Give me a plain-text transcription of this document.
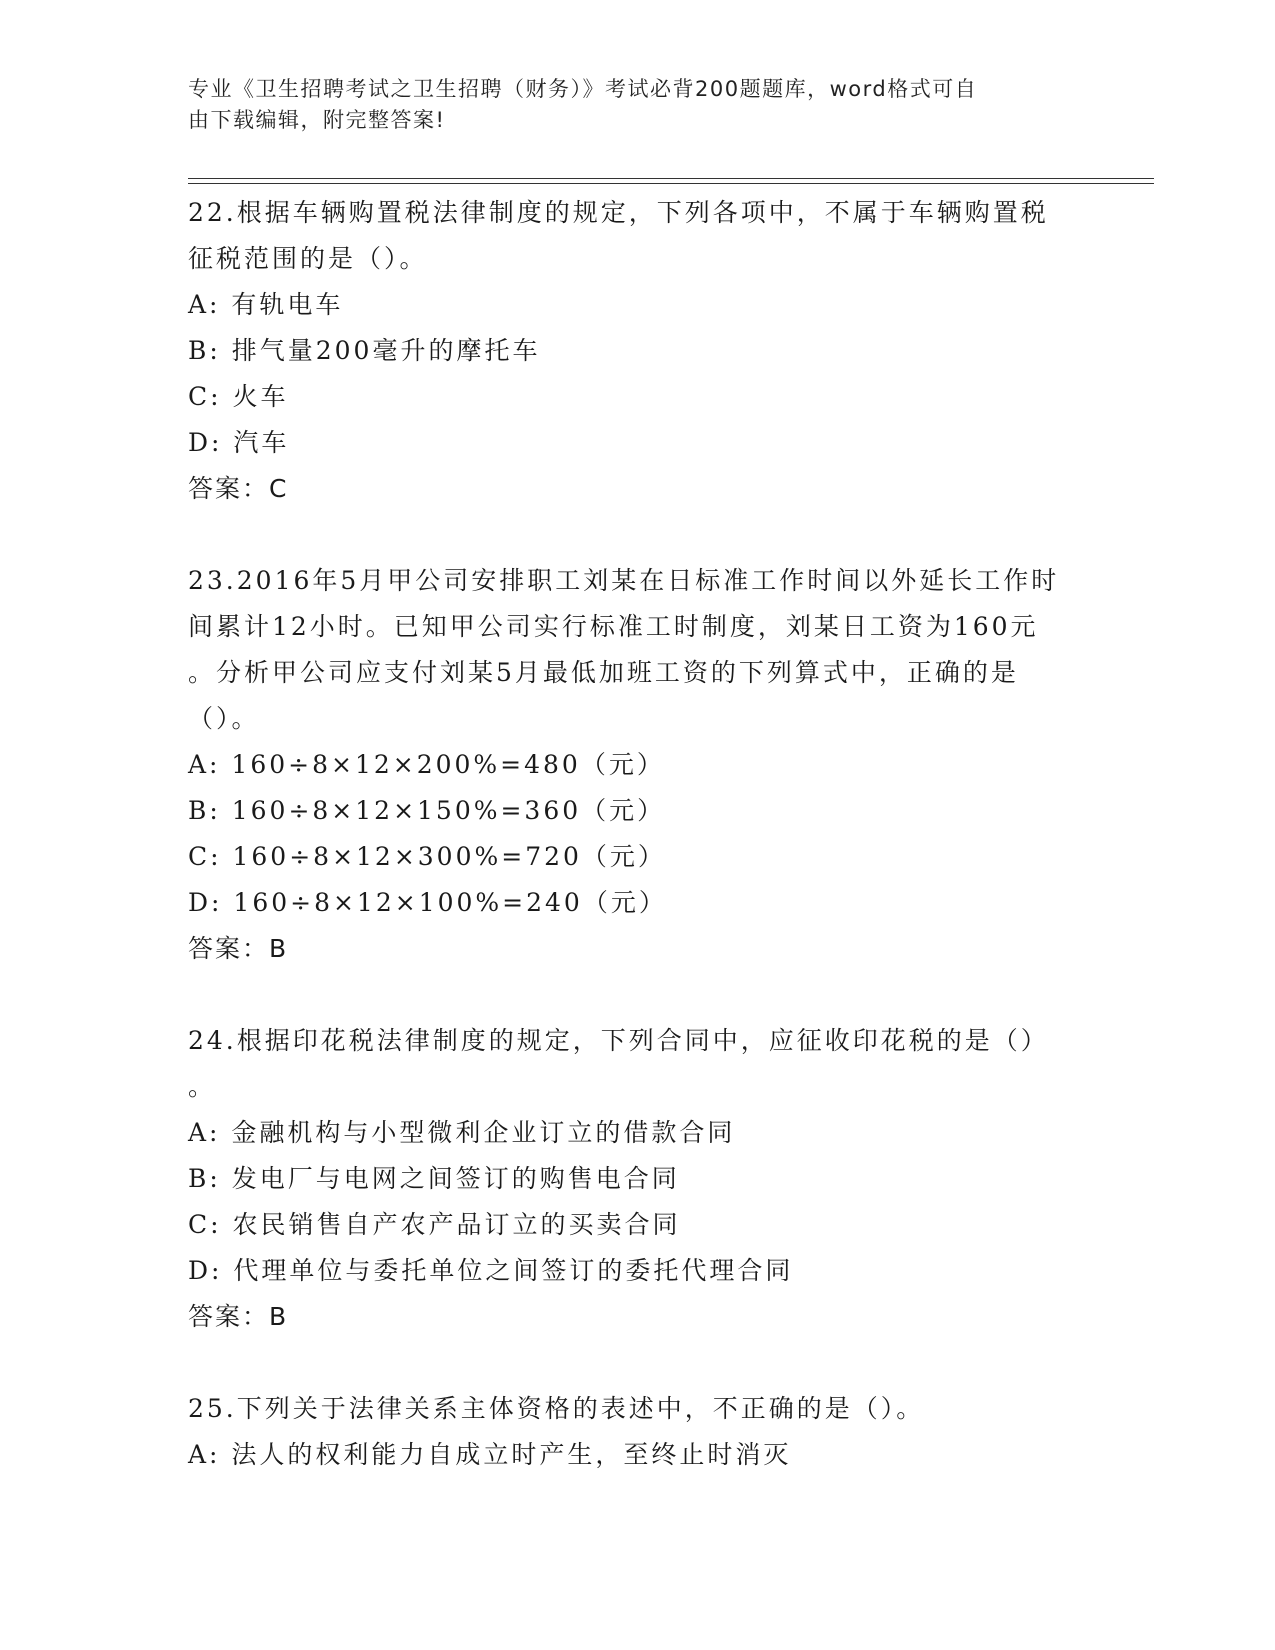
专业《卫生招聘考试之卫生招聘（财务）》考试必背200题题库，word格式可自
由下载编辑，附完整答案!
22.根据车辆购置税法律制度的规定，下列各项中，不属于车辆购置税
征税范围的是（）。
A: 有轨电车
B: 排气量200毫升的摩托车
C: 火车
D: 汽车
答案：C
23.2016年5月甲公司安排职工刘某在日标准工作时间以外延长工作时
间累计12小时。已知甲公司实行标准工时制度，刘某日工资为160元
。分析甲公司应支付刘某5月最低加班工资的下列算式中，正确的是
（）。
A: 160÷8×12×200%=480（元）
B: 160÷8×12×150%=360（元）
C: 160÷8×12×300%=720（元）
D: 160÷8×12×100%=240（元）
答案：B
24.根据印花税法律制度的规定，下列合同中，应征收印花税的是（）
。
A: 金融机构与小型微利企业订立的借款合同
B: 发电厂与电网之间签订的购售电合同
C: 农民销售自产农产品订立的买卖合同
D: 代理单位与委托单位之间签订的委托代理合同
答案：B
25.下列关于法律关系主体资格的表述中，不正确的是（）。
A: 法人的权利能力自成立时产生，至终止时消灭
